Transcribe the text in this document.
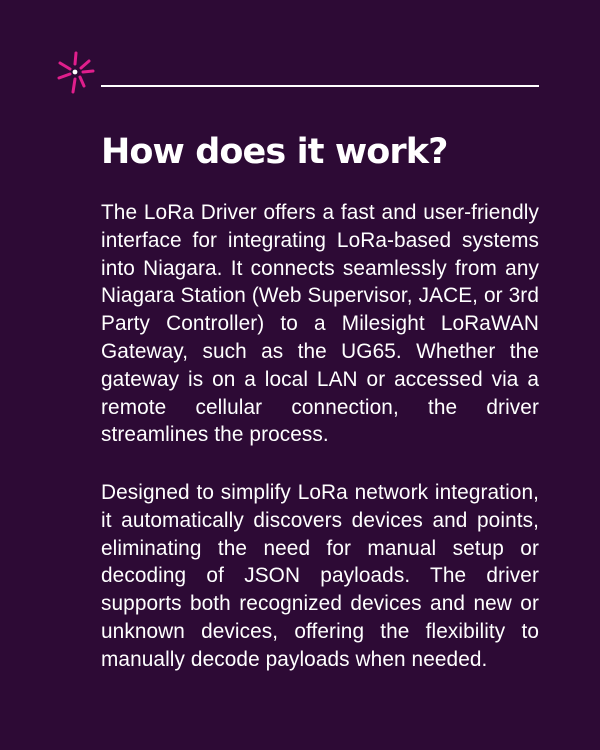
How does it work?

The LoRa Driver offers a fast and user-friendly interface for integrating LoRa-based systems into Niagara. It connects seamlessly from any Niagara Station (Web Supervisor, JACE, or 3rd Party Controller) to a Milesight LoRaWAN Gateway, such as the UG65. Whether the gateway is on a local LAN or accessed via a remote cellular connection, the driver streamlines the process.

Designed to simplify LoRa network integration, it automatically discovers devices and points, eliminating the need for manual setup or decoding of JSON payloads. The driver supports both recognized devices and new or unknown devices, offering the flexibility to manually decode payloads when needed.
